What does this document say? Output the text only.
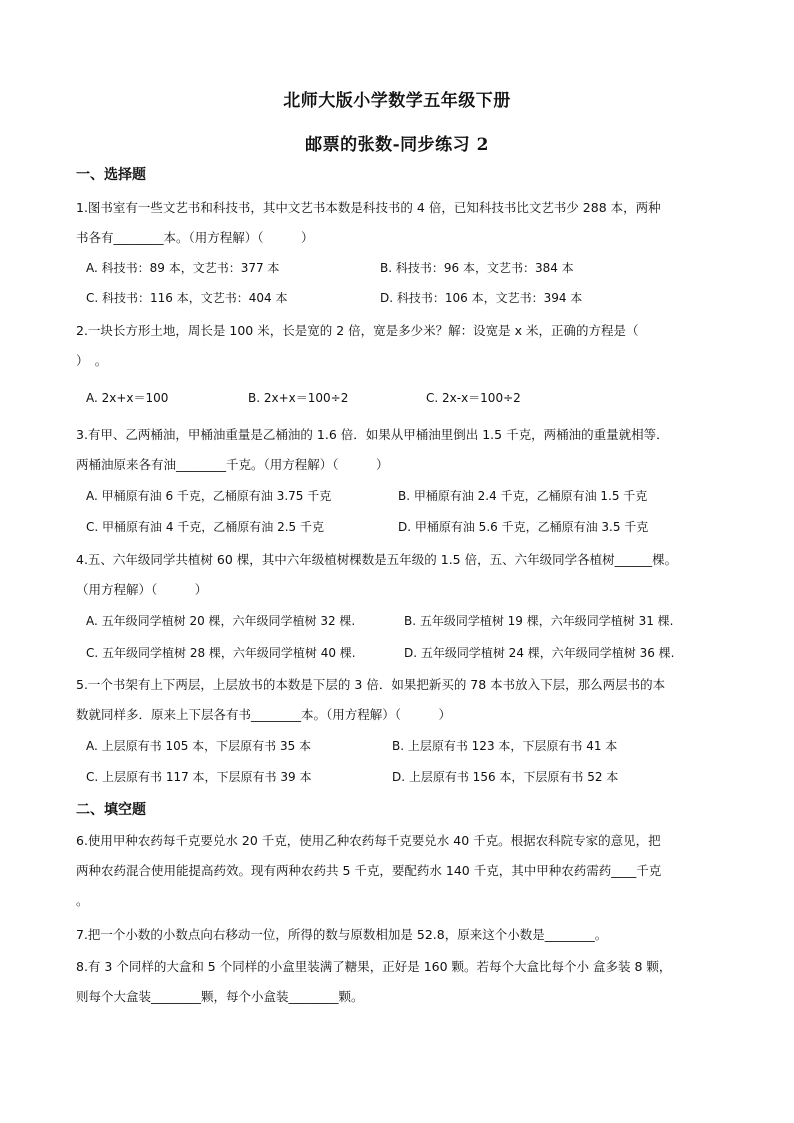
北师大版小学数学五年级下册
邮票的张数-同步练习 2
一、选择题
1.图书室有一些文艺书和科技书，其中文艺书本数是科技书的 4 倍，已知科技书比文艺书少 288 本，两种
书各有________本。（用方程解）（　　　）
A. 科技书：89 本，文艺书：377 本	B. 科技书：96 本，文艺书：384 本
C. 科技书：116 本，文艺书：404 本	D. 科技书：106 本，文艺书：394 本
2.一块长方形土地，周长是 100 米，长是宽的 2 倍，宽是多少米？解：设宽是 x 米，正确的方程是（
）　。
A. 2x+x＝100	B. 2x+x＝100÷2	C. 2x-x＝100÷2
3.有甲、乙两桶油，甲桶油重量是乙桶油的 1.6 倍．如果从甲桶油里倒出 1.5 千克，两桶油的重量就相等．
两桶油原来各有油________千克。（用方程解）（　　　）
A. 甲桶原有油 6 千克，乙桶原有油 3.75 千克	B. 甲桶原有油 2.4 千克，乙桶原有油 1.5 千克
C. 甲桶原有油 4 千克，乙桶原有油 2.5 千克	D. 甲桶原有油 5.6 千克，乙桶原有油 3.5 千克
4.五、六年级同学共植树 60 棵，其中六年级植树棵数是五年级的 1.5 倍，五、六年级同学各植树______棵。
（用方程解）（　　　）
A. 五年级同学植树 20 棵，六年级同学植树 32 棵.	B. 五年级同学植树 19 棵，六年级同学植树 31 棵.
C. 五年级同学植树 28 棵，六年级同学植树 40 棵.	D. 五年级同学植树 24 棵，六年级同学植树 36 棵.
5.一个书架有上下两层，上层放书的本数是下层的 3 倍．如果把新买的 78 本书放入下层，那么两层书的本
数就同样多．原来上下层各有书________本。（用方程解）（　　　）
A. 上层原有书 105 本，下层原有书 35 本	B. 上层原有书 123 本，下层原有书 41 本
C. 上层原有书 117 本，下层原有书 39 本	D. 上层原有书 156 本，下层原有书 52 本
二、填空题
6.使用甲种农药每千克要兑水 20 千克，使用乙种农药每千克要兑水 40 千克。根据农科院专家的意见，把
两种农药混合使用能提高药效。现有两种农药共 5 千克，要配药水 140 千克，其中甲种农药需药____千克
。
7.把一个小数的小数点向右移动一位，所得的数与原数相加是 52.8，原来这个小数是________。
8.有 3 个同样的大盒和 5 个同样的小盒里装满了糖果，正好是 160 颗。若每个大盒比每个小 盒多装 8 颗，
则每个大盒装________颗，每个小盒装________颗。
